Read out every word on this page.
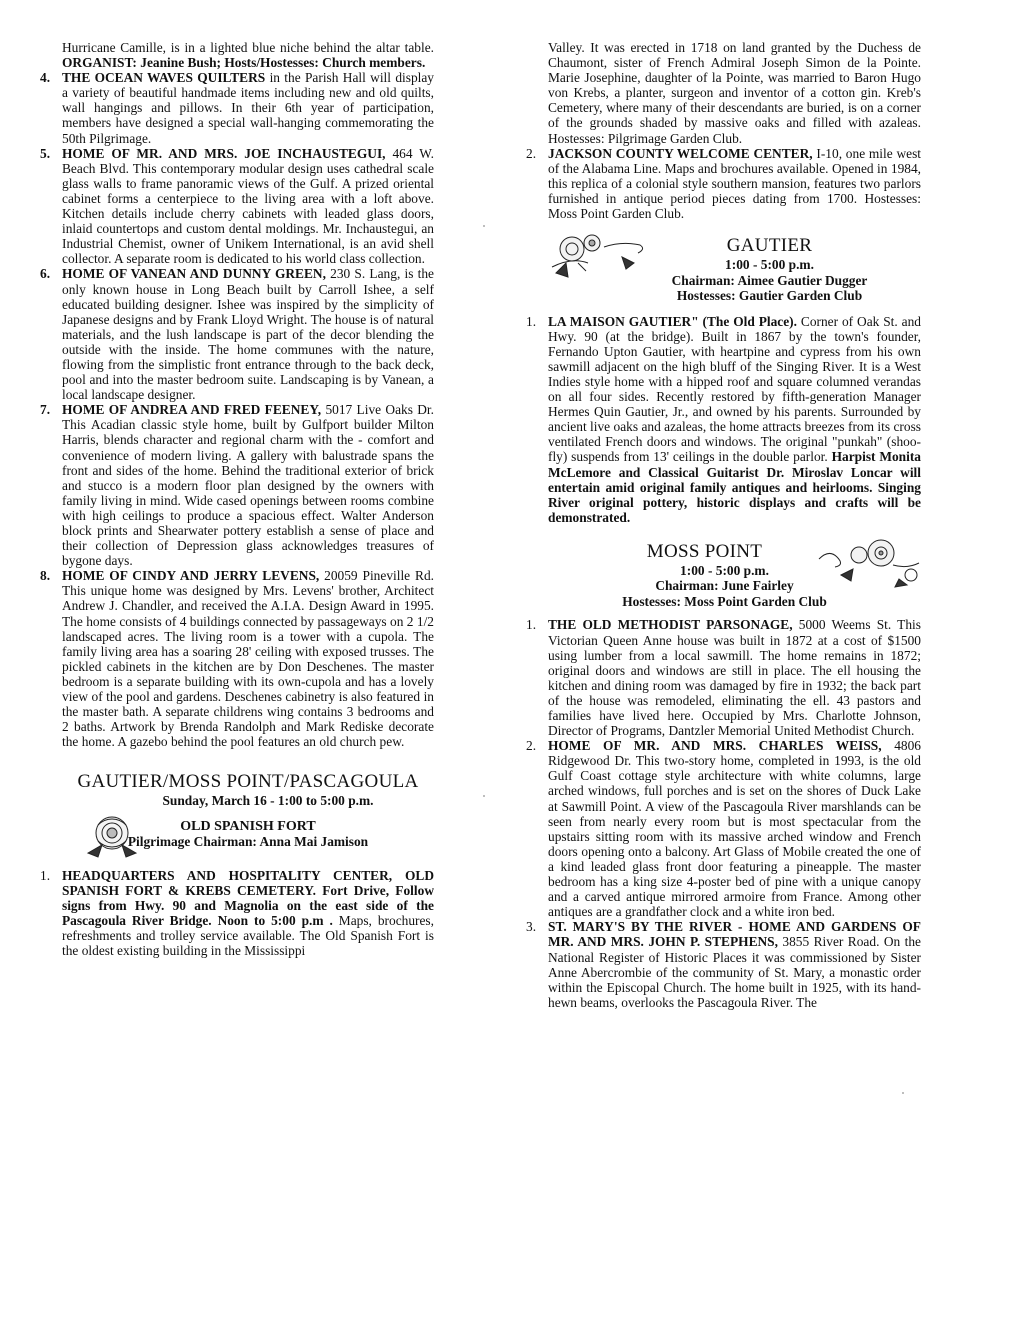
Hurricane Camille, is in a lighted blue niche behind the altar table. ORGANIST: Jeanine Bush; Hosts/Hostesses: Church members.

4. THE OCEAN WAVES QUILTERS in the Parish Hall will display a variety of beautiful handmade items including new and old quilts, wall hangings and pillows. In their 6th year of participation, members have designed a special wall-hanging commemorating the 50th Pilgrimage.
5. HOME OF MR. AND MRS. JOE INCHAUSTEGUI, 464 W. Beach Blvd. This contemporary modular design uses cathedral scale glass walls to frame panoramic views of the Gulf. A prized oriental cabinet forms a centerpiece to the living area with a loft above. Kitchen details include cherry cabinets with leaded glass doors, inlaid countertops and custom dental moldings. Mr. Inchaustegui, an Industrial Chemist, owner of Unikem International, is an avid shell collector. A separate room is dedicated to his world class collection.
6. HOME OF VANEAN AND DUNNY GREEN, 230 S. Lang, is the only known house in Long Beach built by Carroll Ishee, a self educated building designer. Ishee was inspired by the simplicity of Japanese designs and by Frank Lloyd Wright. The house is of natural materials, and the lush landscape is part of the decor blending the outside with the inside. The home communes with the nature, flowing from the simplistic front entrance through to the back deck, pool and into the master bedroom suite. Landscaping is by Vanean, a local landscape designer.
7. HOME OF ANDREA AND FRED FEENEY, 5017 Live Oaks Dr. This Acadian classic style home, built by Gulfport builder Milton Harris, blends character and regional charm with the - comfort and convenience of modern living. A gallery with balustrade spans the front and sides of the home. Behind the traditional exterior of brick and stucco is a modern floor plan designed by the owners with family living in mind. Wide cased openings between rooms combine with high ceilings to produce a spacious effect. Walter Anderson block prints and Shearwater pottery establish a sense of place and their collection of Depression glass acknowledges treasures of bygone days.
8. HOME OF CINDY AND JERRY LEVENS, 20059 Pineville Rd. This unique home was designed by Mrs. Levens' brother, Architect Andrew J. Chandler, and received the A.I.A. Design Award in 1995. The home consists of 4 buildings connected by passageways on 2 1/2 landscaped acres. The living room is a tower with a cupola. The family living area has a soaring 28' ceiling with exposed trusses. The pickled cabinets in the kitchen are by Don Deschenes. The master bedroom is a separate building with its own-cupola and has a lovely view of the pool and gardens. Deschenes cabinetry is also featured in the master bath. A separate childrens wing contains 3 bedrooms and 2 baths. Artwork by Brenda Randolph and Mark Rediske decorate the home. A gazebo behind the pool features an old church pew.
GAUTIER/MOSS POINT/PASCAGOULA
Sunday, March 16 - 1:00 to 5:00 p.m.
OLD SPANISH FORT
Pilgrimage Chairman: Anna Mai Jamison
1. HEADQUARTERS AND HOSPITALITY CENTER, OLD SPANISH FORT & KREBS CEMETERY. Fort Drive, Follow signs from Hwy. 90 and Magnolia on the east side of the Pascagoula River Bridge. Noon to 5:00 p.m . Maps, brochures, refreshments and trolley service available. The Old Spanish Fort is the oldest existing building in the Mississippi

Valley. It was erected in 1718 on land granted by the Duchess de Chaumont, sister of French Admiral Joseph Simon de la Pointe. Marie Josephine, daughter of la Pointe, was married to Baron Hugo von Krebs, a planter, surgeon and inventor of a cotton gin. Kreb's Cemetery, where many of their descendants are buried, is on a corner of the grounds shaded by massive oaks and filled with azaleas. Hostesses: Pilgrimage Garden Club.

2. JACKSON COUNTY WELCOME CENTER, I-10, one mile west of the Alabama Line. Maps and brochures available. Opened in 1984, this replica of a colonial style southern mansion, features two parlors furnished in antique period pieces dating from 1700. Hostesses: Moss Point Garden Club.
GAUTIER
1:00 - 5:00 p.m.
Chairman: Aimee Gautier Dugger
Hostesses: Gautier Garden Club
1. LA MAISON GAUTIER" (The Old Place). Corner of Oak St. and Hwy. 90 (at the bridge). Built in 1867 by the town's founder, Fernando Upton Gautier, with heartpine and cypress from his own sawmill adjacent on the high bluff of the Singing River. It is a West Indies style home with a hipped roof and square columned verandas on all four sides. Recently restored by fifth-generation Manager Hermes Quin Gautier, Jr., and owned by his parents. Surrounded by ancient live oaks and azaleas, the home attracts breezes from its cross ventilated French doors and windows. The original "punkah" (shoo-fly) suspends from 13' ceilings in the double parlor. Harpist Monita McLemore and Classical Guitarist Dr. Miroslav Loncar will entertain amid original family antiques and heirlooms. Singing River original pottery, historic displays and crafts will be demonstrated.
MOSS POINT
1:00 - 5:00 p.m.
Chairman: June Fairley
Hostesses: Moss Point Garden Club
1. THE OLD METHODIST PARSONAGE, 5000 Weems St. This Victorian Queen Anne house was built in 1872 at a cost of $1500 using lumber from a local sawmill. The home remains in 1872; original doors and windows are still in place. The ell housing the kitchen and dining room was damaged by fire in 1932; the back part of the house was remodeled, eliminating the ell. 43 pastors and families have lived here. Occupied by Mrs. Charlotte Johnson, Director of Programs, Dantzler Memorial United Methodist Church.
2. HOME OF MR. AND MRS. CHARLES WEISS, 4806 Ridgewood Dr. This two-story home, completed in 1993, is the old Gulf Coast cottage style architecture with white columns, large arched windows, full porches and is set on the shores of Duck Lake at Sawmill Point. A view of the Pascagoula River marshlands can be seen from nearly every room but is most spectacular from the upstairs sitting room with its massive arched window and French doors opening onto a balcony. Art Glass of Mobile created the one of a kind leaded glass front door featuring a pineapple. The master bedroom has a king size 4-poster bed of pine with a unique canopy and a carved antique mirrored armoire from France. Among other antiques are a grandfather clock and a white iron bed.
3. ST. MARY'S BY THE RIVER - HOME AND GARDENS OF MR. AND MRS. JOHN P. STEPHENS, 3855 River Road. On the National Register of Historic Places it was commissioned by Sister Anne Abercrombie of the community of St. Mary, a monastic order within the Episcopal Church. The home built in 1925, with its hand-hewn beams, overlooks the Pascagoula River. The
